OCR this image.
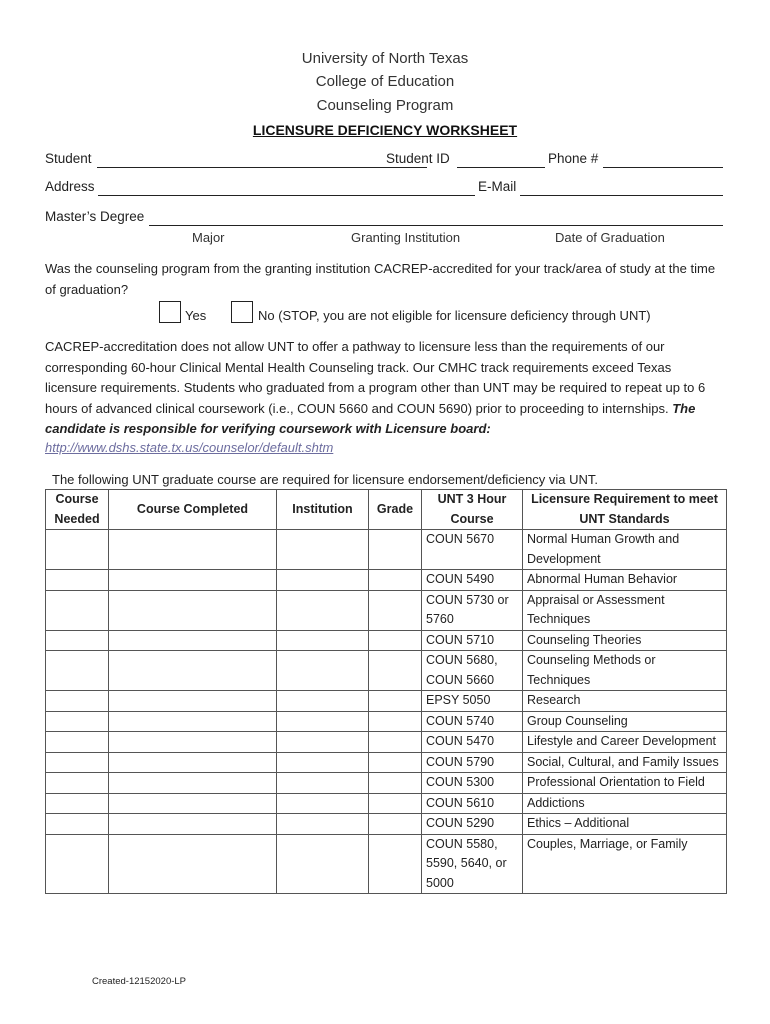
University of North Texas
College of Education
Counseling Program
LICENSURE DEFICIENCY WORKSHEET
Student	Student ID	Phone #
Address	E-Mail
Master’s Degree
Major	Granting Institution	Date of Graduation
Was the counseling program from the granting institution CACREP-accredited for your track/area of study at the time of graduation?
Yes	No (STOP, you are not eligible for licensure deficiency through UNT)
CACREP-accreditation does not allow UNT to offer a pathway to licensure less than the requirements of our corresponding 60-hour Clinical Mental Health Counseling track. Our CMHC track requirements exceed Texas licensure requirements. Students who graduated from a program other than UNT may be required to repeat up to 6 hours of advanced clinical coursework (i.e., COUN 5660 and COUN 5690) prior to proceeding to internships. The candidate is responsible for verifying coursework with Licensure board:
http://www.dshs.state.tx.us/counselor/default.shtm
The following UNT graduate course are required for licensure endorsement/deficiency via UNT.
Course Needed	Course Completed	Institution	Grade	UNT 3 Hour Course	Licensure Requirement to meet UNT Standards
				COUN 5670	Normal Human Growth and Development
				COUN 5490	Abnormal Human Behavior
				COUN 5730 or 5760	Appraisal or Assessment Techniques
				COUN 5710	Counseling Theories
				COUN 5680, COUN 5660	Counseling Methods or Techniques
				EPSY 5050	Research
				COUN 5740	Group Counseling
				COUN 5470	Lifestyle and Career Development
				COUN 5790	Social, Cultural, and Family Issues
				COUN 5300	Professional Orientation to Field
				COUN 5610	Addictions
				COUN 5290	Ethics – Additional
				COUN 5580, 5590, 5640, or 5000	Couples, Marriage, or Family
Created-12152020-LP
